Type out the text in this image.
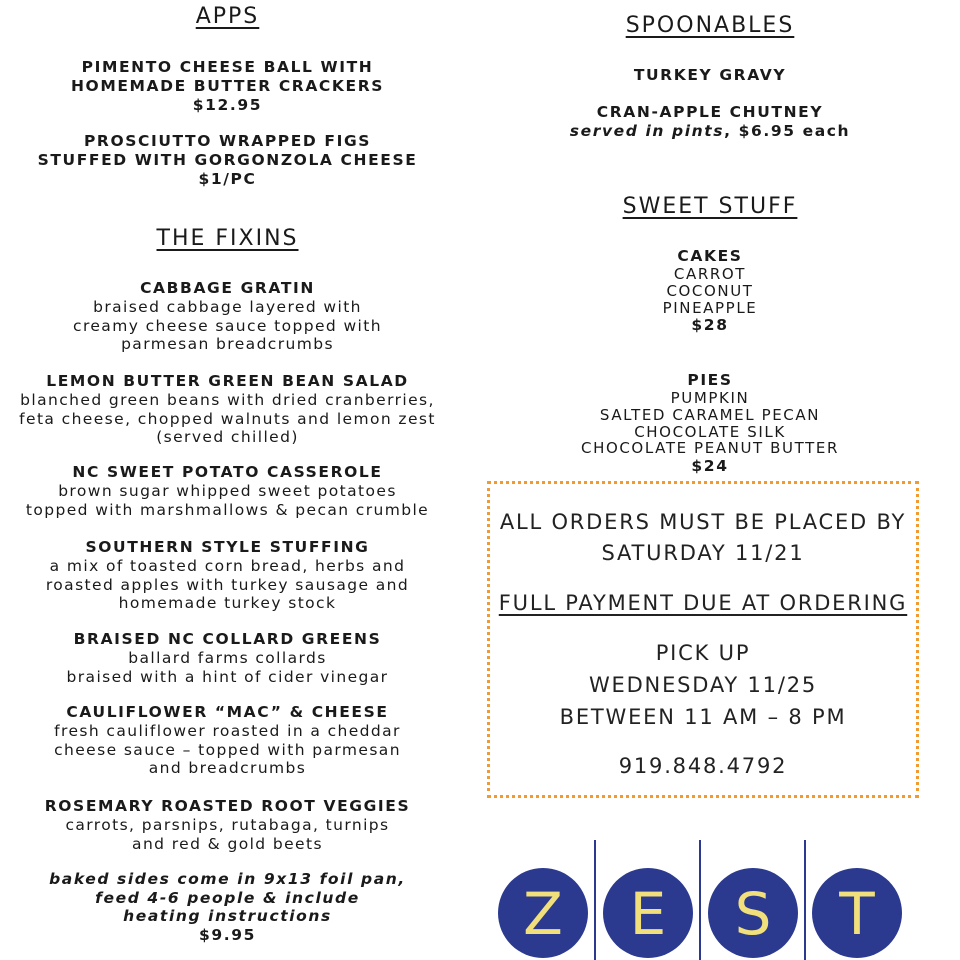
APPS
PIMENTO CHEESE BALL WITH
HOMEMADE BUTTER CRACKERS
$12.95
PROSCIUTTO WRAPPED FIGS
STUFFED WITH GORGONZOLA CHEESE
$1/PC
THE FIXINS
CABBAGE GRATIN
braised cabbage layered with
creamy cheese sauce topped with
parmesan breadcrumbs
LEMON BUTTER GREEN BEAN SALAD
blanched green beans with dried cranberries,
feta cheese, chopped walnuts and lemon zest
(served chilled)
NC SWEET POTATO CASSEROLE
brown sugar whipped sweet potatoes
topped with marshmallows & pecan crumble
SOUTHERN STYLE STUFFING
a mix of toasted corn bread, herbs and
roasted apples with turkey sausage and
homemade turkey stock
BRAISED NC COLLARD GREENS
ballard farms collards
braised with a hint of cider vinegar
CAULIFLOWER “MAC” & CHEESE
fresh cauliflower roasted in a cheddar
cheese sauce – topped with parmesan
and breadcrumbs
ROSEMARY ROASTED ROOT VEGGIES
carrots, parsnips, rutabaga, turnips
and red & gold beets
baked sides come in 9x13 foil pan,
feed 4-6 people & include
heating instructions
$9.95
SPOONABLES
TURKEY GRAVY
CRAN-APPLE CHUTNEY
served in pints, $6.95 each
SWEET STUFF
CAKES
CARROT
COCONUT
PINEAPPLE
$28
PIES
PUMPKIN
SALTED CARAMEL PECAN
CHOCOLATE SILK
CHOCOLATE PEANUT BUTTER
$24
ALL ORDERS MUST BE PLACED BY
SATURDAY 11/21
FULL PAYMENT DUE AT ORDERING
PICK UP
WEDNESDAY 11/25
BETWEEN 11 AM – 8 PM
919.848.4792
Z E S T
